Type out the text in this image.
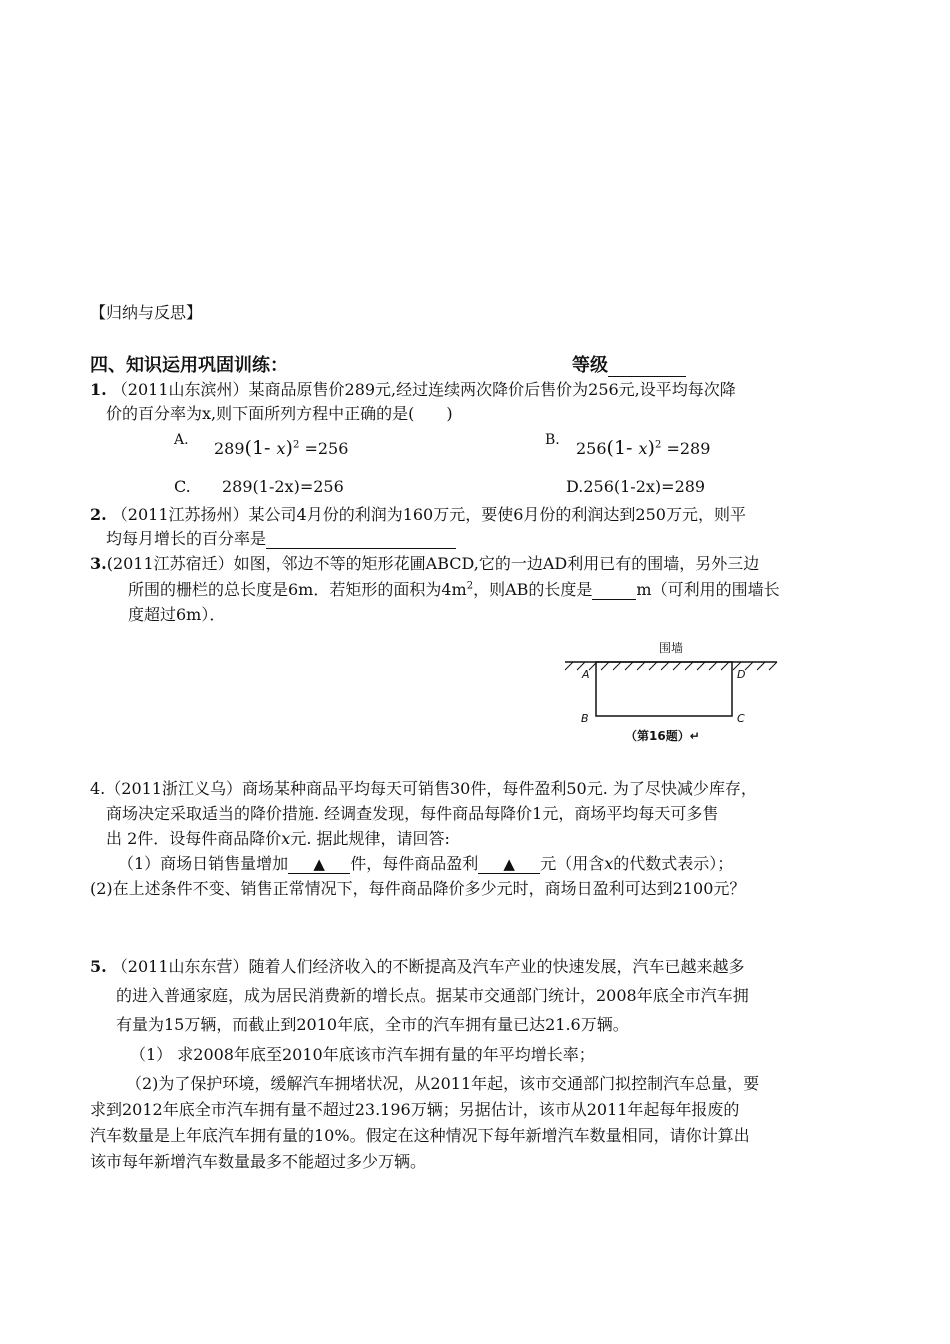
【归纳与反思】
四、知识运用巩固训练：	等级
1. （2011山东滨州）某商品原售价289元,经过连续两次降价后售价为256元,设平均每次降
价的百分率为x,则下面所列方程中正确的是(　　)
A. 289(1- x)$^2$ =256	B. 256(1- x)$^2$ =289
C. 289(1-2x)=256	D.256(1-2x)=289
2. （2011江苏扬州）某公司4月份的利润为160万元，要使6月份的利润达到250万元，则平
均每月增长的百分率是
3.(2011江苏宿迁）如图，邻边不等的矩形花圃ABCD,它的一边AD利用已有的围墙，另外三边
所围的栅栏的总长度是6m．若矩形的面积为$4m^2$，则AB的长度是	m（可利用的围墙长
度超过6m）．
围墙
A	D
B	C
（第16题）↵
4.（2011浙江义乌）商场某种商品平均每天可销售30件，每件盈利50元. 为了尽快减少库存，
商场决定采取适当的降价措施. 经调查发现，每件商品每降价1元，商场平均每天可多售
出 2件．设每件商品降价x元. 据此规律，请回答:
（1）商场日销售量增加 ▲ 件，每件商品盈利 ▲ 元（用含x的代数式表示）；
(2)在上述条件不变、销售正常情况下，每件商品降价多少元时，商场日盈利可达到2100元？
5. （2011山东东营）随着人们经济收入的不断提高及汽车产业的快速发展，汽车已越来越多
的进入普通家庭，成为居民消费新的增长点。据某市交通部门统计，2008年底全市汽车拥
有量为15万辆，而截止到2010年底，全市的汽车拥有量已达21.6万辆。
（1） 求2008年底至2010年底该市汽车拥有量的年平均增长率；
（2)为了保护环境，缓解汽车拥堵状况，从2011年起，该市交通部门拟控制汽车总量，要
求到2012年底全市汽车拥有量不超过23.196万辆；另据估计，该市从2011年起每年报废的
汽车数量是上年底汽车拥有量的10%。假定在这种情况下每年新增汽车数量相同，请你计算出
该市每年新增汽车数量最多不能超过多少万辆。
